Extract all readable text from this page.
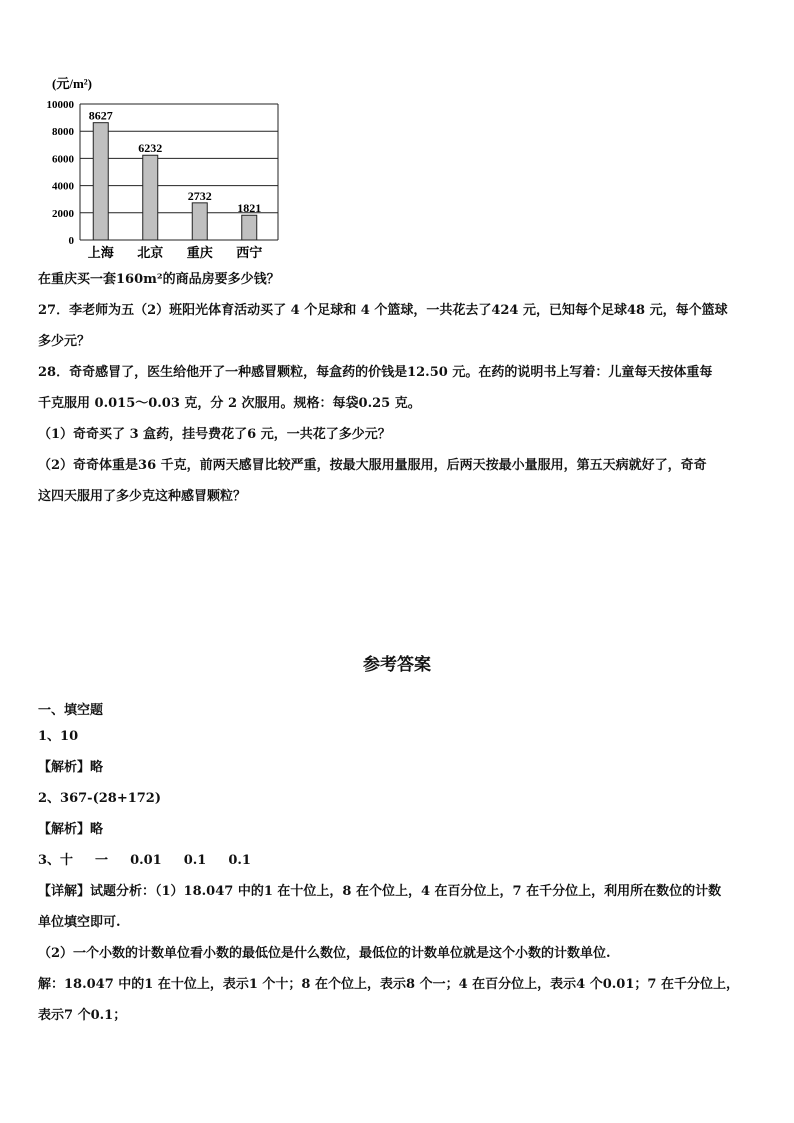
(元/m²)
0
2000
4000
6000
8000
10000
8627
6232
2732
1821
上海 北京 重庆 西宁
在重庆买一套160m²的商品房要多少钱？
27．李老师为五（2）班阳光体育活动买了 4 个足球和 4 个篮球，一共花去了424 元，已知每个足球48 元，每个篮球
多少元？
28．奇奇感冒了，医生给他开了一种感冒颗粒，每盒药的价钱是12.50 元。在药的说明书上写着：儿童每天按体重每
千克服用 0.015～0.03 克，分 2 次服用。规格：每袋0.25 克。
（1）奇奇买了 3 盒药，挂号费花了6 元，一共花了多少元？
（2）奇奇体重是36 千克，前两天感冒比较严重，按最大服用量服用，后两天按最小量服用，第五天病就好了，奇奇
这四天服用了多少克这种感冒颗粒？
参考答案
一、填空题
1、10
【解析】略
2、367-(28+172)
【解析】略
3、十 一 0.01 0.1 0.1
【详解】试题分析：（1）18.047 中的1 在十位上，8 在个位上，4 在百分位上，7 在千分位上，利用所在数位的计数
单位填空即可.
（2）一个小数的计数单位看小数的最低位是什么数位，最低位的计数单位就是这个小数的计数单位.
解：18.047 中的1 在十位上，表示1 个十；8 在个位上，表示8 个一；4 在百分位上，表示4 个0.01；7 在千分位上，
表示7 个0.1；
